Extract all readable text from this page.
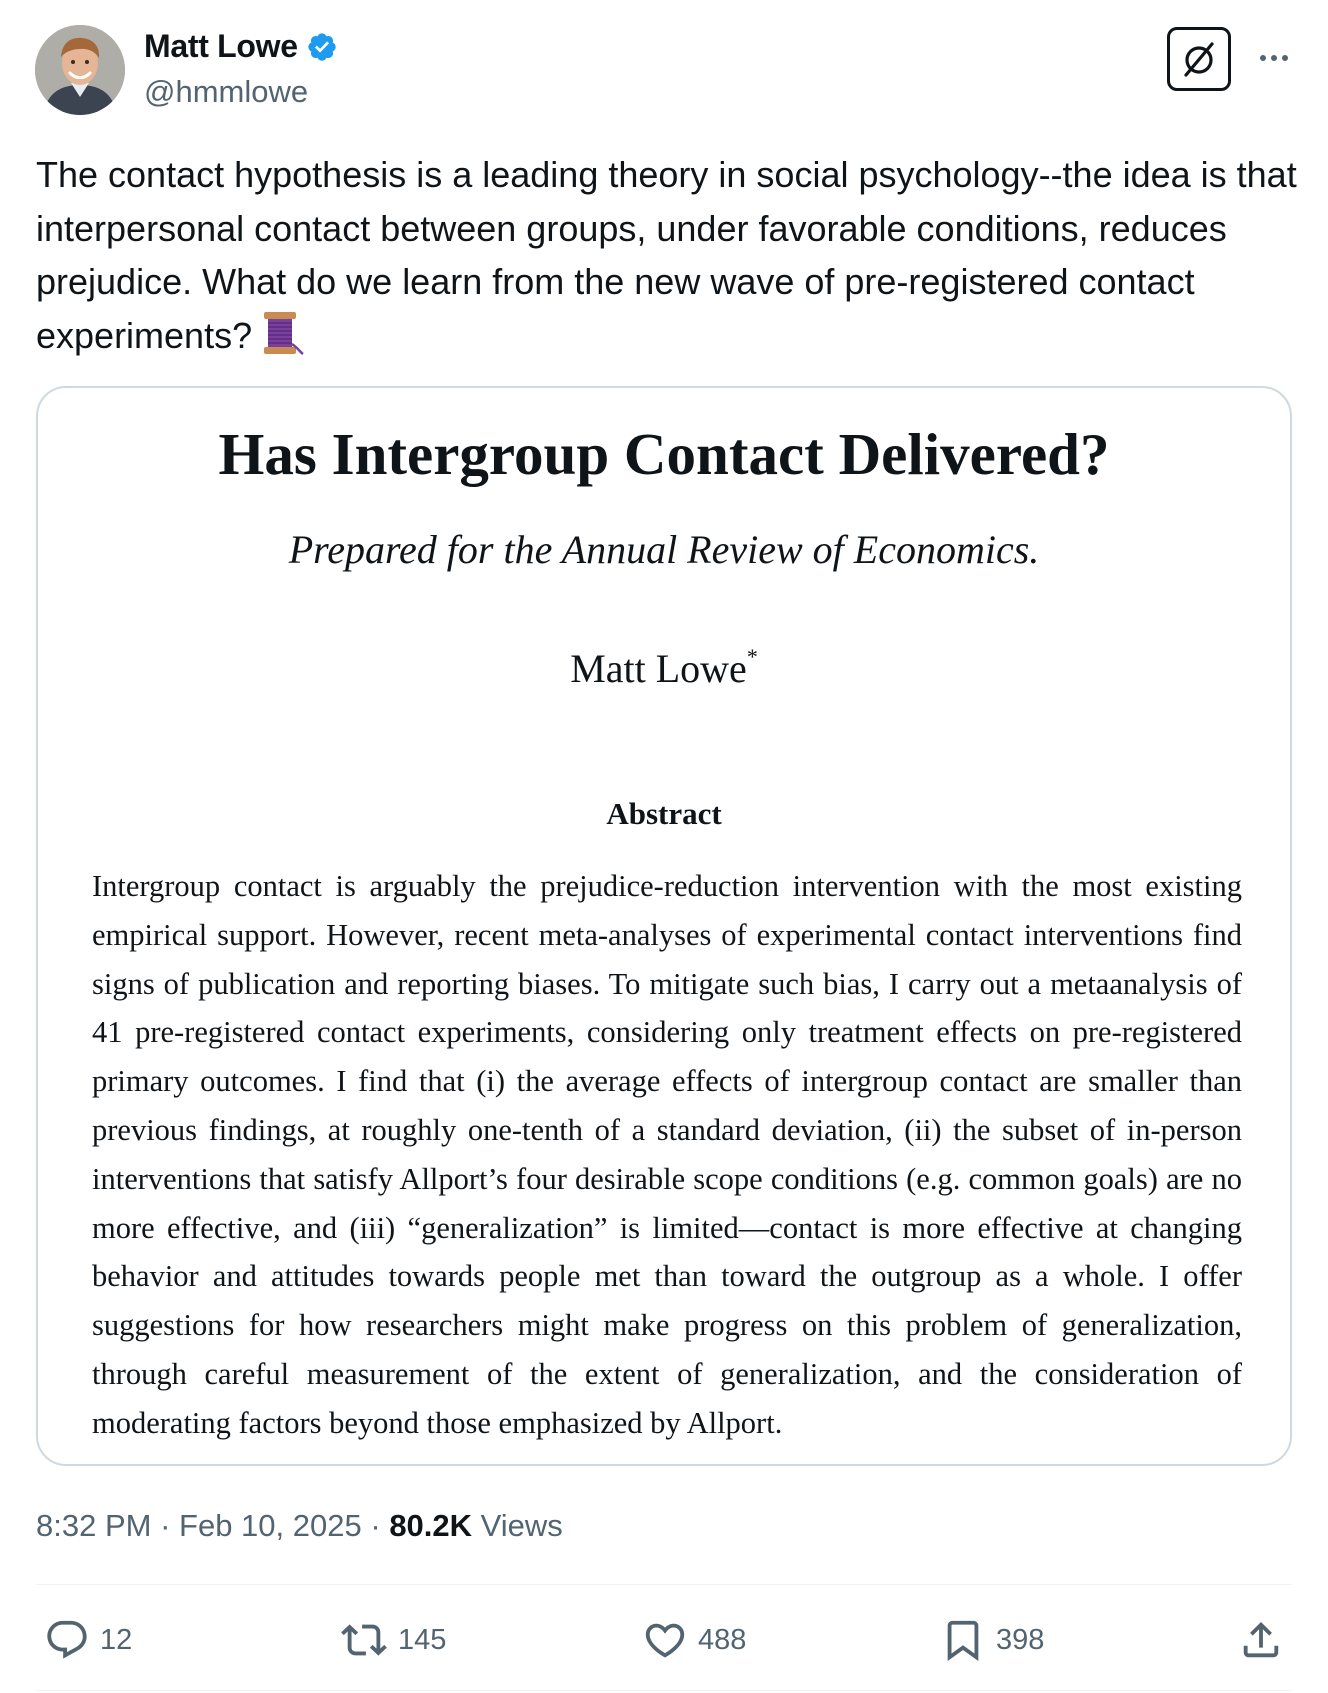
Matt Lowe
@hmmlowe
The contact hypothesis is a leading theory in social psychology--the idea is that interpersonal contact between groups, under favorable conditions, reduces prejudice. What do we learn from the new wave of pre-registered contact experiments?
Has Intergroup Contact Delivered?
Prepared for the Annual Review of Economics.
Matt Lowe*
Abstract
Intergroup contact is arguably the prejudice-reduction intervention with the most existing empirical support. However, recent meta-analyses of experimental contact interventions find signs of publication and reporting biases. To mitigate such bias, I carry out a metaanalysis of 41 pre-registered contact experiments, considering only treatment effects on pre-registered primary outcomes. I find that (i) the average effects of intergroup contact are smaller than previous findings, at roughly one-tenth of a standard deviation, (ii) the subset of in-person interventions that satisfy Allport’s four desirable scope conditions (e.g. common goals) are no more effective, and (iii) “generalization” is limited—contact is more effective at changing behavior and attitudes towards people met than toward the outgroup as a whole. I offer suggestions for how researchers might make progress on this problem of generalization, through careful measurement of the extent of generalization, and the consideration of moderating factors beyond those emphasized by Allport.
8:32 PM · Feb 10, 2025 · 80.2K Views
12	145	488	398
